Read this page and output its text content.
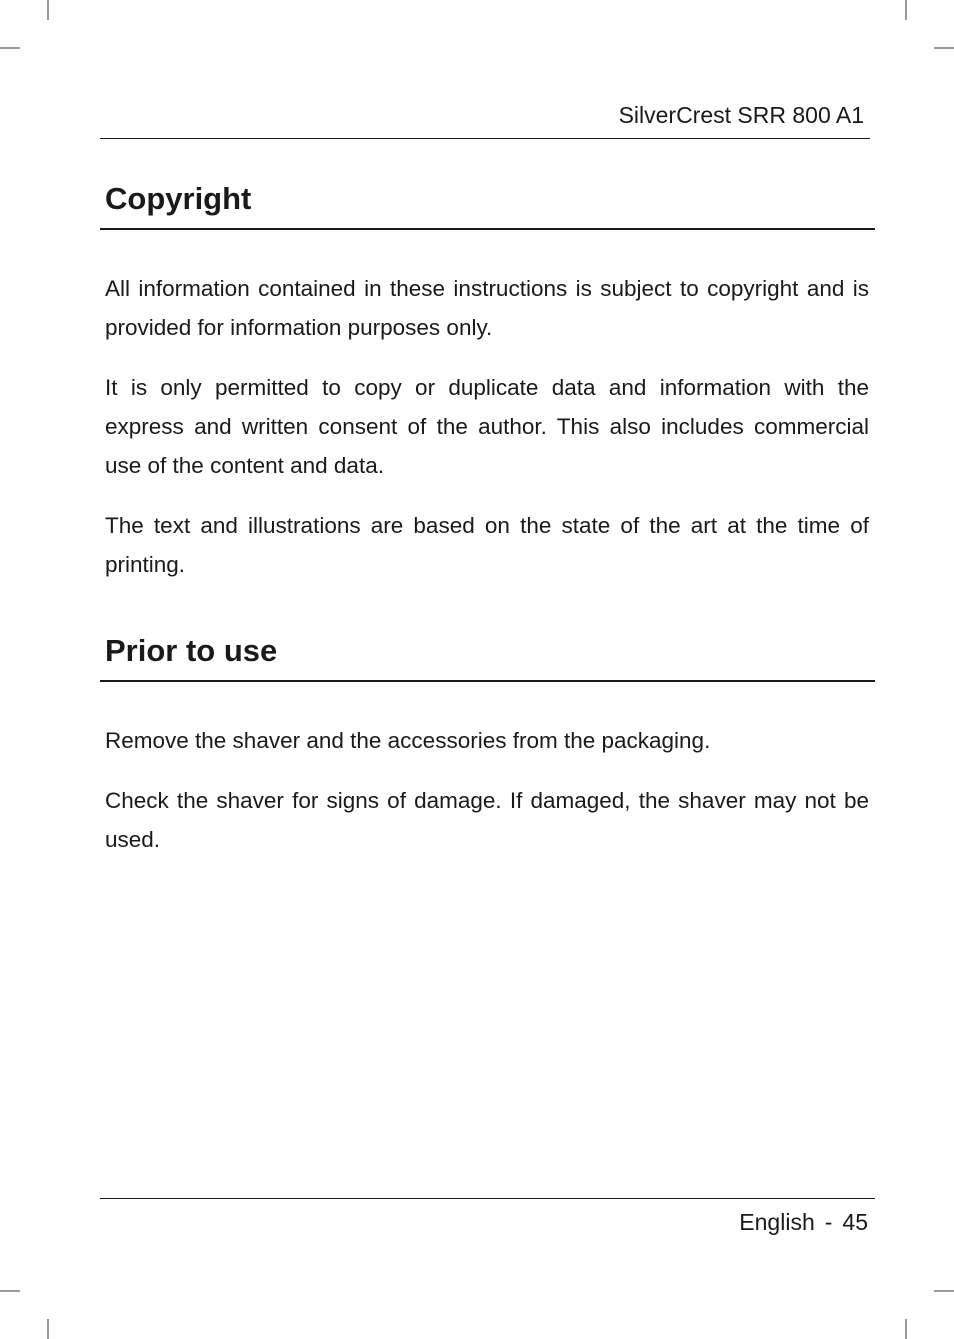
SilverCrest SRR 800 A1
Copyright

All information contained in these instructions is subject to copyright and is provided for information purposes only.

It is only permitted to copy or duplicate data and information with the express and written consent of the author. This also includes commercial use of the content and data.

The text and illustrations are based on the state of the art at the time of printing.

Prior to use

Remove the shaver and the accessories from the packaging.

Check the shaver for signs of damage. If damaged, the shaver may not be used.

English - 45
